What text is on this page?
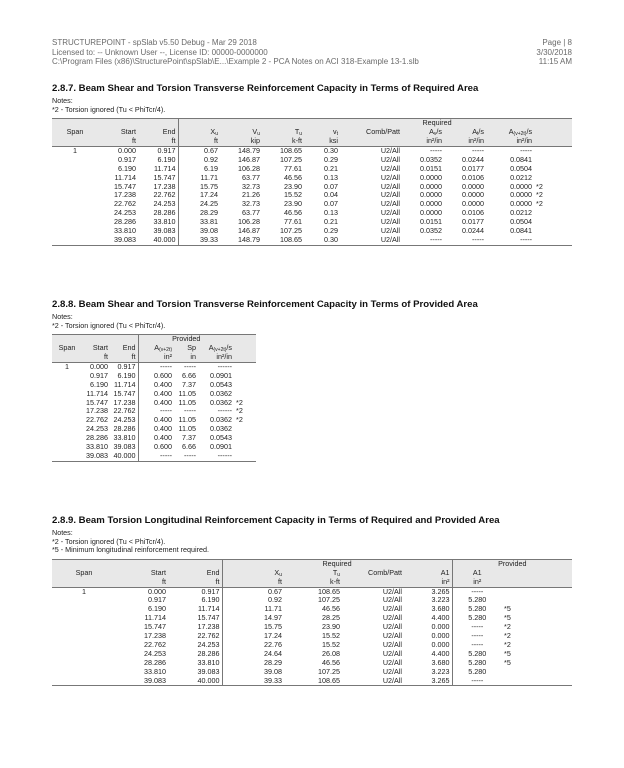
STRUCTUREPOINT - spSlab v5.50 Debug - Mar 29 2018
Licensed to: -- Unknown User --, License ID: 00000-0000000
C:\Program Files (x86)\StructurePoint\spSlab\E...\Example 2 - PCA Notes on ACI 318-Example 13-1.slb
Page | 8
3/30/2018
11:15 AM
2.8.7. Beam Shear and Torsion Transverse Reinforcement Capacity in Terms of Required Area
Notes:
*2 - Torsion ignored (Tu < PhiTcr/4).
							Required				
Span	Start	End	$X_u$	$V_u$	$T_u$	$v_t$	Comb/Patt	$A_v/s$	$A_t/s$	$A_{(v+2t)}/s$	
	ft	ft	ft	kip	k-ft	ksi		in²/in	in²/in	in²/in	
1	0.000	0.917	0.67	148.79	108.65	0.30	U2/All	-----	-----	-----	
	0.917	6.190	0.92	146.87	107.25	0.29	U2/All	0.0352	0.0244	0.0841	
	6.190	11.714	6.19	106.28	77.61	0.21	U2/All	0.0151	0.0177	0.0504	
	11.714	15.747	11.71	63.77	46.56	0.13	U2/All	0.0000	0.0106	0.0212	
	15.747	17.238	15.75	32.73	23.90	0.07	U2/All	0.0000	0.0000	0.0000	*2
	17.238	22.762	17.24	21.26	15.52	0.04	U2/All	0.0000	0.0000	0.0000	*2
	22.762	24.253	24.25	32.73	23.90	0.07	U2/All	0.0000	0.0000	0.0000	*2
	24.253	28.286	28.29	63.77	46.56	0.13	U2/All	0.0000	0.0106	0.0212	
	28.286	33.810	33.81	106.28	77.61	0.21	U2/All	0.0151	0.0177	0.0504	
	33.810	39.083	39.08	146.87	107.25	0.29	U2/All	0.0352	0.0244	0.0841	
	39.083	40.000	39.33	148.79	108.65	0.30	U2/All	-----	-----	-----	
2.8.8. Beam Shear and Torsion Transverse Reinforcement Capacity in Terms of Provided Area
Notes:
*2 - Torsion ignored (Tu < PhiTcr/4).
			Provided			
Span	Start	End	$A_{(v+2t)}$	Sp	$A_{(v+2t)}/s$	
	ft	ft	in²	in	in²/in	
1	0.000	0.917	-----	-----	------	
	0.917	6.190	0.600	6.66	0.0901	
	6.190	11.714	0.400	7.37	0.0543	
	11.714	15.747	0.400	11.05	0.0362	
	15.747	17.238	0.400	11.05	0.0362	*2
	17.238	22.762	-----	-----	------	*2
	22.762	24.253	0.400	11.05	0.0362	*2
	24.253	28.286	0.400	11.05	0.0362	
	28.286	33.810	0.400	7.37	0.0543	
	33.810	39.083	0.600	6.66	0.0901	
	39.083	40.000	-----	-----	------	
2.8.9. Beam Torsion Longitudinal Reinforcement Capacity in Terms of Required and Provided Area
Notes:
*2 - Torsion ignored (Tu < PhiTcr/4).
*5 - Minimum longitudinal reinforcement required.
			Required				Provided	
Span	Start	End	$X_u$	$T_u$	Comb/Patt	A1	A1	
	ft	ft	ft	k-ft		in²	in²	
1	0.000	0.917	0.67	108.65	U2/All	3.265	-----	
	0.917	6.190	0.92	107.25	U2/All	3.223	5.280	
	6.190	11.714	11.71	46.56	U2/All	3.680	5.280	*5
	11.714	15.747	14.97	28.25	U2/All	4.400	5.280	*5
	15.747	17.238	15.75	23.90	U2/All	0.000	-----	*2
	17.238	22.762	17.24	15.52	U2/All	0.000	-----	*2
	22.762	24.253	22.76	15.52	U2/All	0.000	-----	*2
	24.253	28.286	24.64	26.08	U2/All	4.400	5.280	*5
	28.286	33.810	28.29	46.56	U2/All	3.680	5.280	*5
	33.810	39.083	39.08	107.25	U2/All	3.223	5.280	
	39.083	40.000	39.33	108.65	U2/All	3.265	-----	
